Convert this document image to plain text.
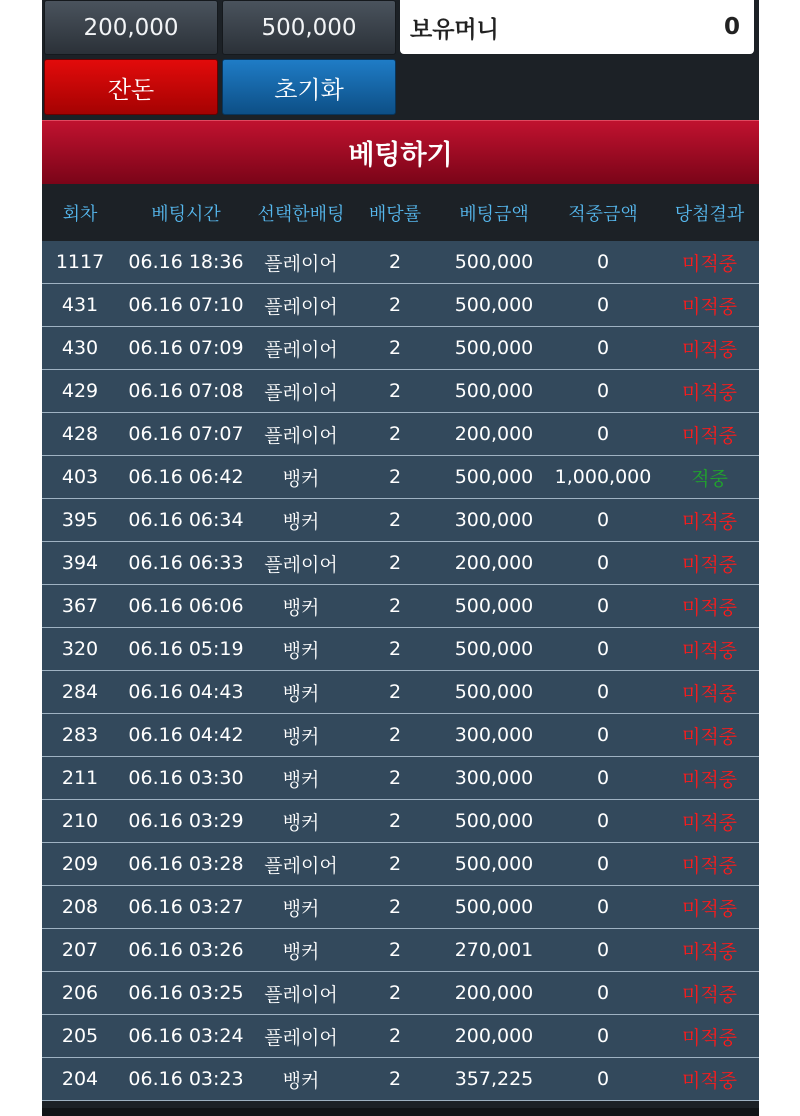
200,000	500,000	보유머니	0
잔돈	초기화
베팅하기
회차	베팅시간	선택한배팅	배당률	베팅금액	적중금액	당첨결과
1117	06.16 18:36	플레이어	2	500,000	0	미적중
431	06.16 07:10	플레이어	2	500,000	0	미적중
430	06.16 07:09	플레이어	2	500,000	0	미적중
429	06.16 07:08	플레이어	2	500,000	0	미적중
428	06.16 07:07	플레이어	2	200,000	0	미적중
403	06.16 06:42	뱅커	2	500,000	1,000,000	적중
395	06.16 06:34	뱅커	2	300,000	0	미적중
394	06.16 06:33	플레이어	2	200,000	0	미적중
367	06.16 06:06	뱅커	2	500,000	0	미적중
320	06.16 05:19	뱅커	2	500,000	0	미적중
284	06.16 04:43	뱅커	2	500,000	0	미적중
283	06.16 04:42	뱅커	2	300,000	0	미적중
211	06.16 03:30	뱅커	2	300,000	0	미적중
210	06.16 03:29	뱅커	2	500,000	0	미적중
209	06.16 03:28	플레이어	2	500,000	0	미적중
208	06.16 03:27	뱅커	2	500,000	0	미적중
207	06.16 03:26	뱅커	2	270,001	0	미적중
206	06.16 03:25	플레이어	2	200,000	0	미적중
205	06.16 03:24	플레이어	2	200,000	0	미적중
204	06.16 03:23	뱅커	2	357,225	0	미적중
